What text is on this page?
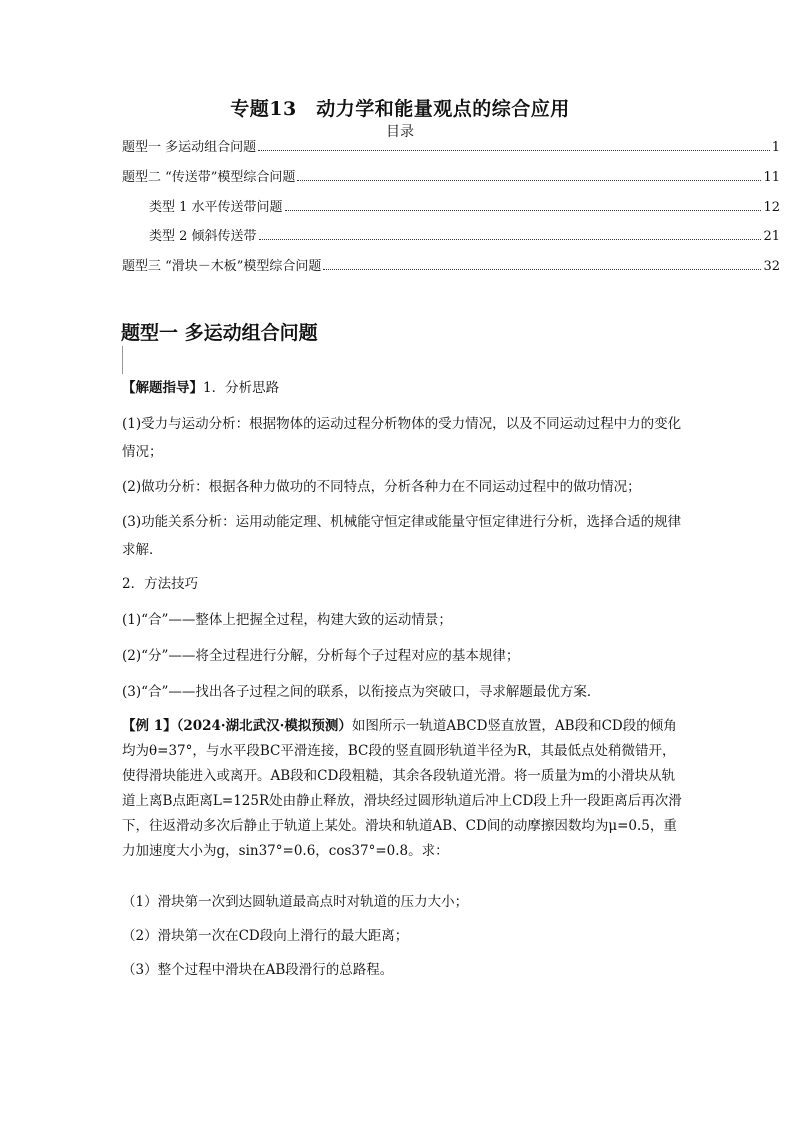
专题13　动力学和能量观点的综合应用
目录
题型一 多运动组合问题	1
题型二 “传送带”模型综合问题	11
类型 1 水平传送带问题	12
类型 2 倾斜传送带	21
题型三 “滑块－木板”模型综合问题	32
题型一 多运动组合问题
【解题指导】1．分析思路
(1)受力与运动分析：根据物体的运动过程分析物体的受力情况，以及不同运动过程中力的变化情况；
(2)做功分析：根据各种力做功的不同特点，分析各种力在不同运动过程中的做功情况；
(3)功能关系分析：运用动能定理、机械能守恒定律或能量守恒定律进行分析，选择合适的规律求解．
2．方法技巧
(1)“合”——整体上把握全过程，构建大致的运动情景；
(2)“分”——将全过程进行分解，分析每个子过程对应的基本规律；
(3)“合”——找出各子过程之间的联系，以衔接点为突破口，寻求解题最优方案．
【例 1】（2024·湖北武汉·模拟预测）如图所示一轨道ABCD竖直放置，AB段和CD段的倾角均为θ=37°，与水平段BC平滑连接，BC段的竖直圆形轨道半径为R，其最低点处稍微错开，使得滑块能进入或离开。AB段和CD段粗糙，其余各段轨道光滑。将一质量为m的小滑块从轨道上离B点距离L=125R处由静止释放，滑块经过圆形轨道后冲上CD段上升一段距离后再次滑下，往返滑动多次后静止于轨道上某处。滑块和轨道AB、CD间的动摩擦因数均为μ=0.5，重力加速度大小为g，sin37°=0.6，cos37°=0.8。求：
（1）滑块第一次到达圆轨道最高点时对轨道的压力大小；
（2）滑块第一次在CD段向上滑行的最大距离；
（3）整个过程中滑块在AB段滑行的总路程。
